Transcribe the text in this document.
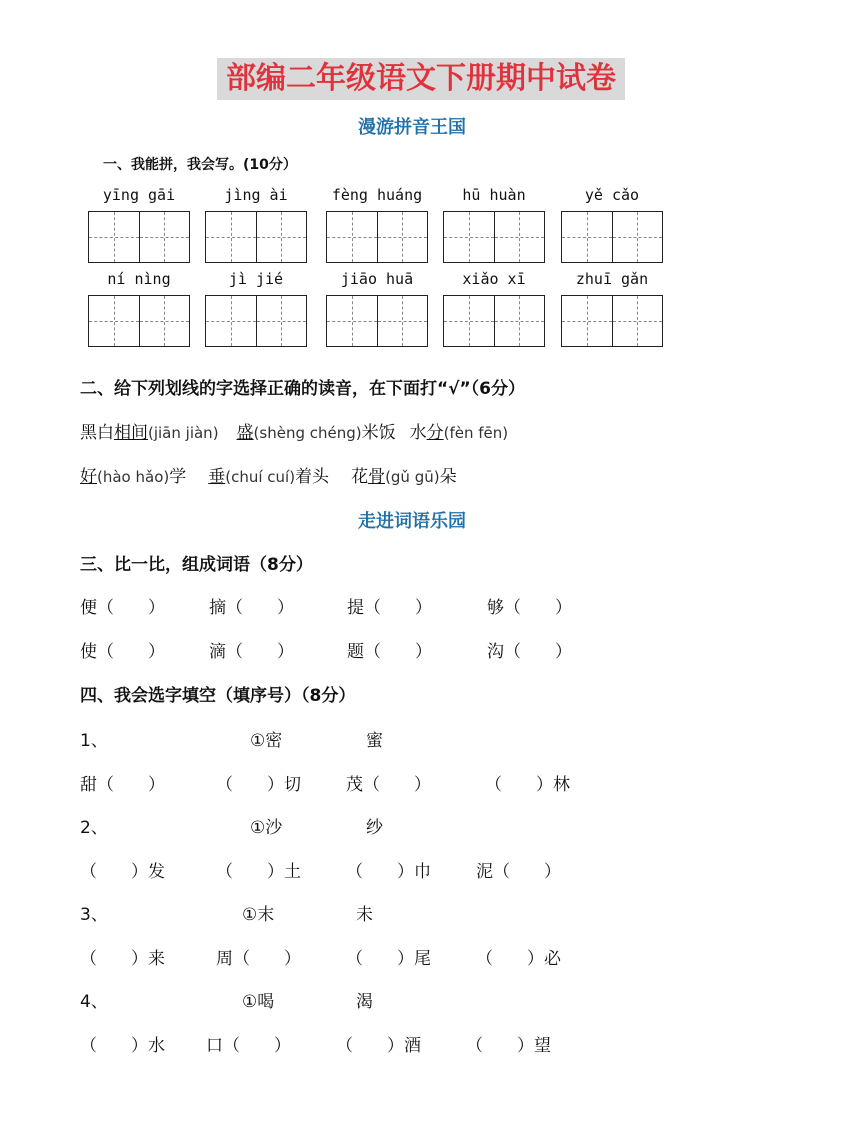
部编二年级语文下册期中试卷
漫游拼音王国
一、我能拼，我会写。(10分）
二、给下列划线的字选择正确的读音，在下面打“√”（6分）
黑白相间(jiān jiàn) 盛(shèng chéng)米饭 水分(fèn fēn)
好(hào hǎo)学 垂(chuí cuí)着头 花骨(gǔ gū)朵
走进词语乐园
三、比一比，组成词语（8分）
四、我会选字填空（填序号）（8分）
yīng gāi	jìng ài	fèng huáng	hū huàn	yě cǎo
ní nìng	jì jié	jiāo huā	xiǎo xī	zhuī gǎn
便（　　）	摘（　　）	提（　　）	够（　　）
使（　　）	滴（　　）	题（　　）	沟（　　）
1、	①密	蜜
甜（　　）	（　　）切	茂（　　）	（　　）林
2、	①沙	纱
（　　）发	（　　）土	（　　）巾	泥（　　）
3、	①末	未
（　　）来	周（　　）	（　　）尾	（　　）必
4、	①喝	渴
（　　）水 口（　　）	（　　）酒	（　　）望
